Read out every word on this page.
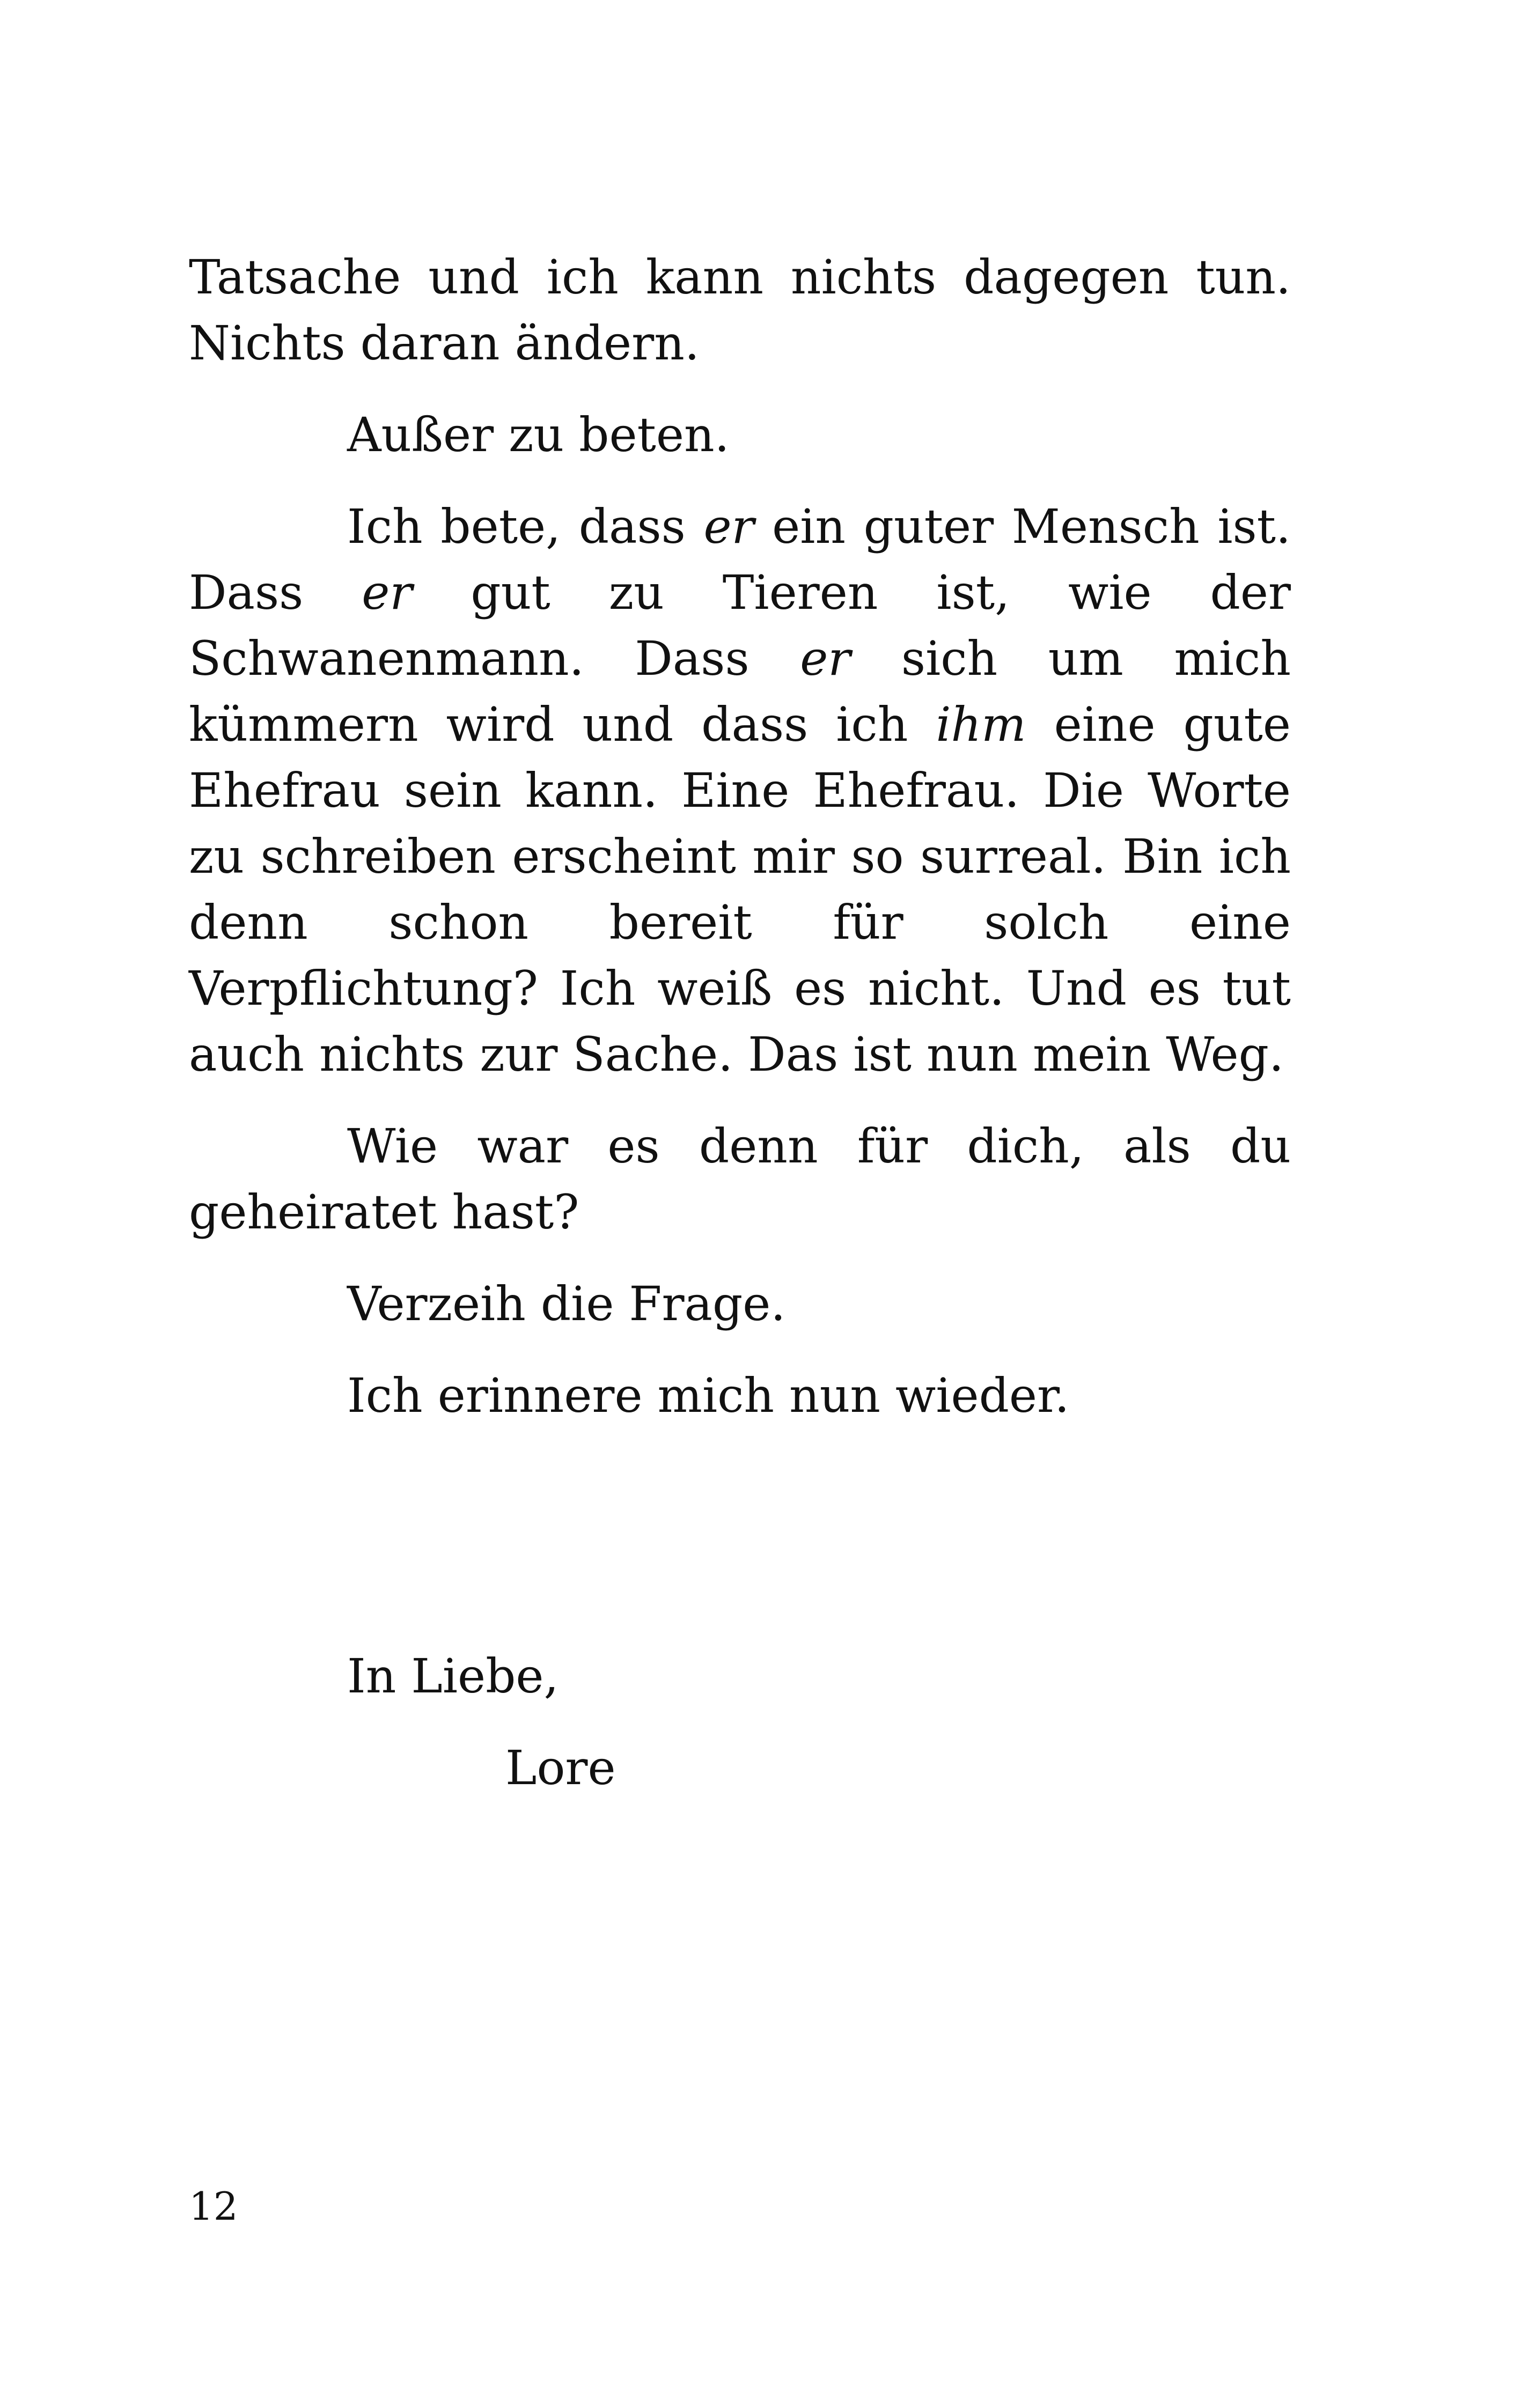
Tatsache und ich kann nichts dagegen tun. Nichts daran ändern.

Außer zu beten.

Ich bete, dass er ein guter Mensch ist. Dass er gut zu Tieren ist, wie der Schwanenmann. Dass er sich um mich kümmern wird und dass ich ihm eine gute Ehefrau sein kann. Eine Ehefrau. Die Worte zu schreiben erscheint mir so surreal. Bin ich denn schon bereit für solch eine Verpflichtung? Ich weiß es nicht. Und es tut auch nichts zur Sache. Das ist nun mein Weg.

Wie war es denn für dich, als du geheiratet hast?

Verzeih die Frage.

Ich erinnere mich nun wieder.

In Liebe,

Lore

12
